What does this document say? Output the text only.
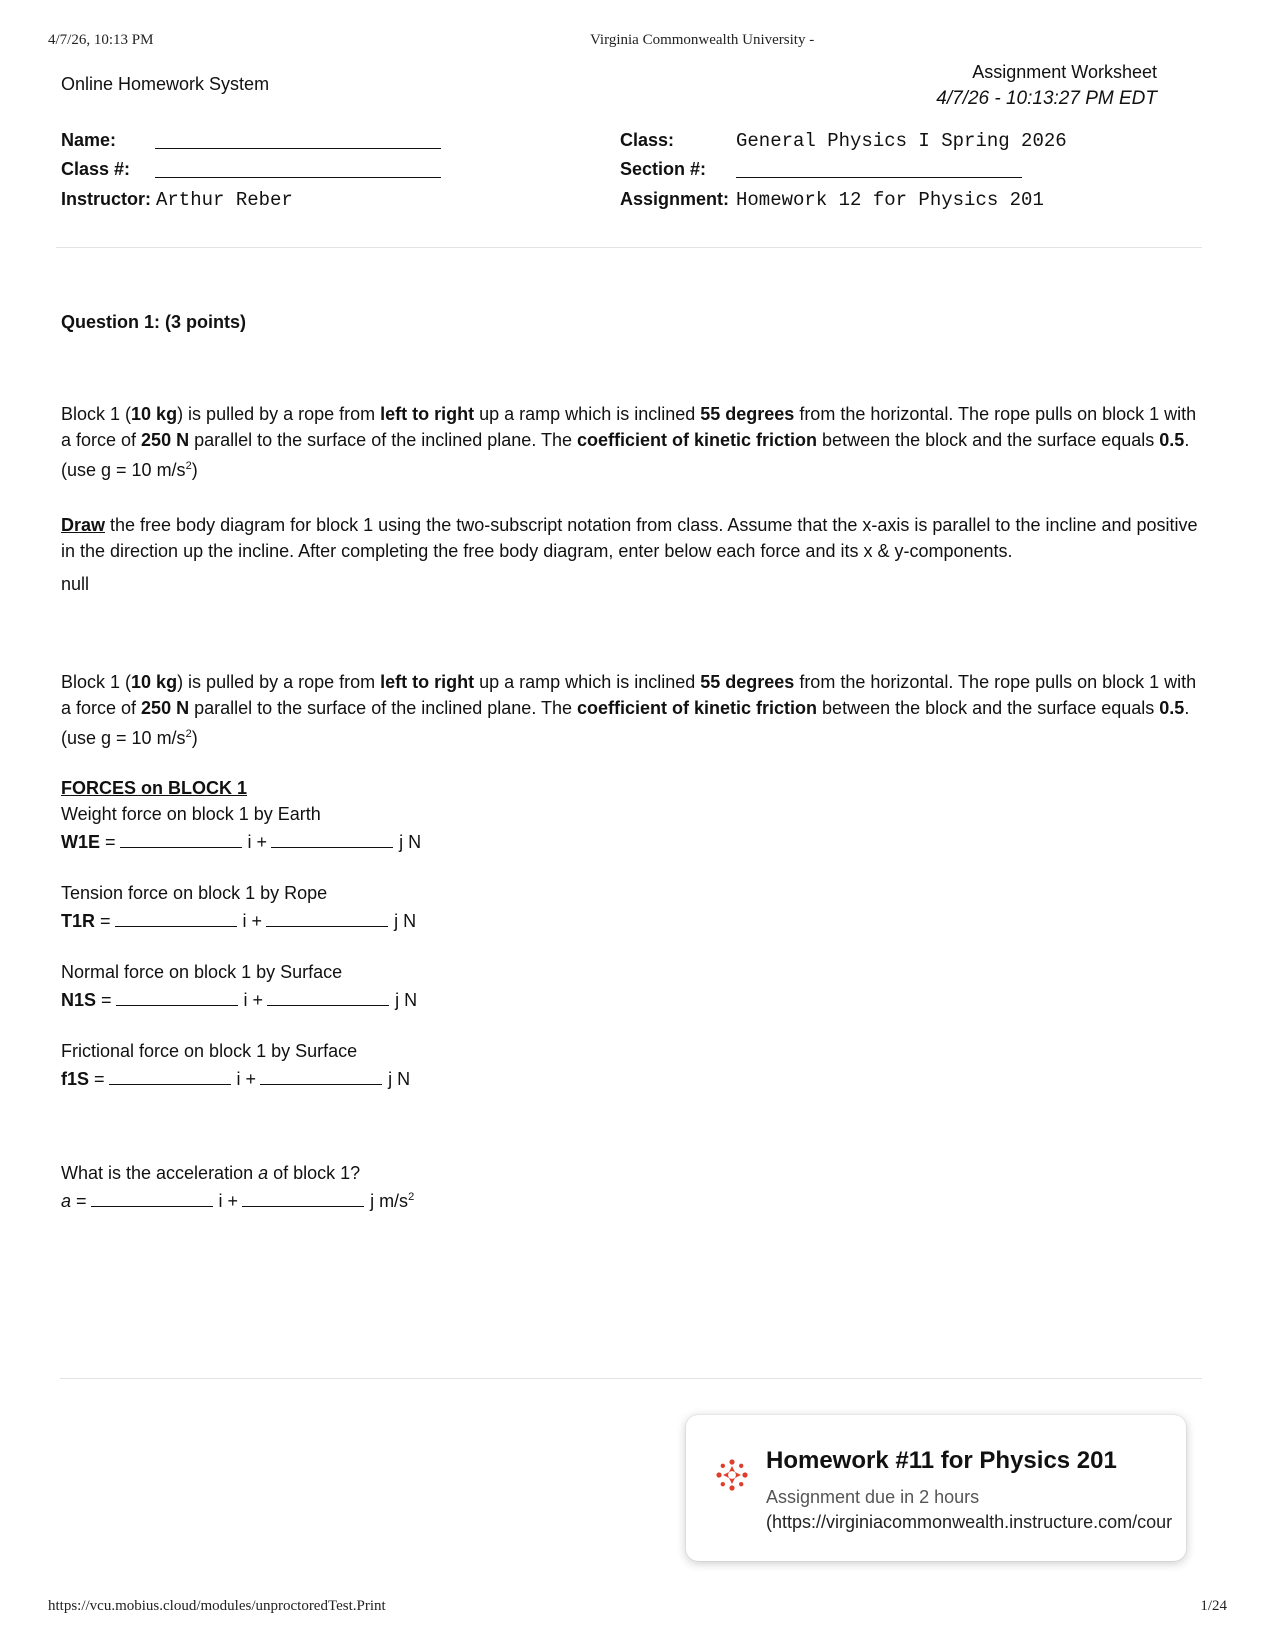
4/7/26, 10:13 PM	Virginia Commonwealth University -
Online Homework System
Assignment Worksheet
4/7/26 - 10:13:27 PM EDT
Name:
Class #:
Instructor: Arthur Reber
Class:	General Physics I Spring 2026
Section #:
Assignment: Homework 12 for Physics 201
Question 1: (3 points)
Block 1 (10 kg) is pulled by a rope from left to right up a ramp which is inclined 55 degrees from the horizontal. The rope pulls on block 1 with a force of 250 N parallel to the surface of the inclined plane. The coefficient of kinetic friction between the block and the surface equals 0.5. (use g = 10 $m/s^2$)
Draw the free body diagram for block 1 using the two-subscript notation from class. Assume that the x-axis is parallel to the incline and positive in the direction up the incline. After completing the free body diagram, enter below each force and its x & y-components.
null
Block 1 (10 kg) is pulled by a rope from left to right up a ramp which is inclined 55 degrees from the horizontal. The rope pulls on block 1 with a force of 250 N parallel to the surface of the inclined plane. The coefficient of kinetic friction between the block and the surface equals 0.5. (use g = 10 $m/s^2$)
FORCES on BLOCK 1
Weight force on block 1 by Earth
W1E =	i +	j N
Tension force on block 1 by Rope
T1R =	i +	j N
Normal force on block 1 by Surface
N1S =	i +	j N
Frictional force on block 1 by Surface
f1S =	i +	j N
What is the acceleration a of block 1?
a =	i +	j $m/s^2$
Homework #11 for Physics 201
Assignment due in 2 hours
(https://virginiacommonwealth.instructure.com/cour
https://vcu.mobius.cloud/modules/unproctoredTest.Print	1/24
